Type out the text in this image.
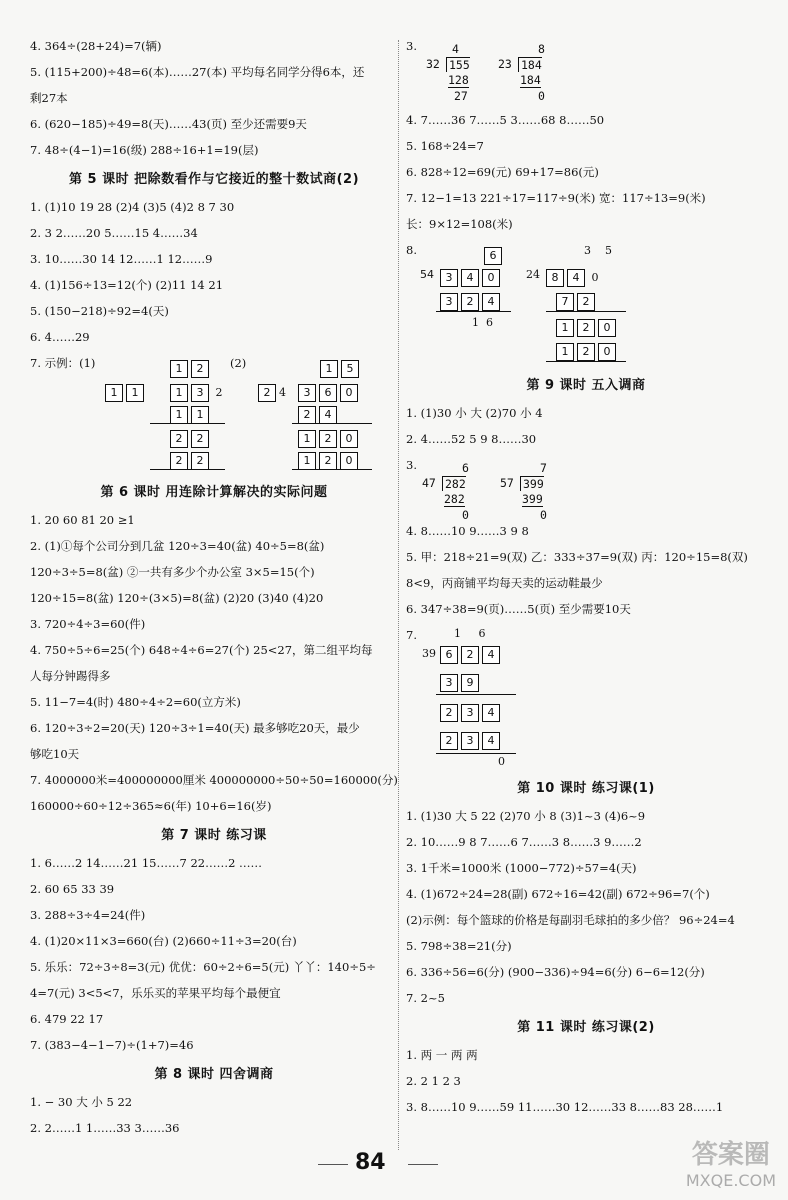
4. 364÷(28+24)=7(辆)
5. (115+200)÷48=6(本)……27(本) 平均每名同学分得6本，还
剩27本
6. (620−185)÷49=8(天)……43(页) 至少还需要9天
7. 48÷(4−1)=16(级) 288÷16+1=19(层)
第 5 课时 把除数看作与它接近的整十数试商(2)
1. (1)10 19 28 (2)4 (3)5 (4)2 8 7 30
2. 3 2……20 5……15 4……34
3. 10……30 14 12……1 12……9
4. (1)156÷13=12(个) (2)11 14 21
5. (150−218)÷92=4(天)
6. 4……29
7. 示例：(1)	(2)
1 2
1 1	1 3 2
1 1
2 2
2 2
1 5
2 4	3 6 0
2 4
1 2 0
1 2 0
第 6 课时 用连除计算解决的实际问题
1. 20 60 81 20 ≥1
2. (1)①每个公司分到几盆 120÷3=40(盆) 40÷5=8(盆)
120÷3÷5=8(盆) ②一共有多少个办公室 3×5=15(个)
120÷15=8(盆) 120÷(3×5)=8(盆) (2)20 (3)40 (4)20
3. 720÷4÷3=60(件)
4. 750÷5÷6=25(个) 648÷4÷6=27(个) 25<27，第二组平均每
人每分钟踢得多
5. 11−7=4(时) 480÷4÷2=60(立方米)
6. 120÷3÷2=20(天) 120÷3÷1=40(天) 最多够吃20天，最少
够吃10天
7. 4000000米=400000000厘米 400000000÷50÷50=160000(分)
160000÷60÷12÷365≈6(年) 10+6=16(岁)
第 7 课时 练习课
1. 6……2 14……21 15……7 22……2 ……
2. 60 65 33 39
3. 288÷3÷4=24(件)
4. (1)20×11×3=660(台) (2)660÷11÷3=20(台)
5. 乐乐：72÷3÷8=3(元) 优优：60÷2÷6=5(元) 丫丫：140÷5÷
4=7(元) 3<5<7，乐乐买的苹果平均每个最便宜
6. 479 22 17
7. (383−4−1−7)÷(1+7)=46
第 8 课时 四舍调商
1. − 30 大 小 5 22
2. 2……1 1……33 3……36
3.	4
32 155
128
27
8
23 184
184
0
4. 7……36 7……5 3……68 8……50
5. 168÷24=7
6. 828÷12=69(元) 69+17=86(元)
7. 12−1=13 221÷17=117÷9(米) 宽：117÷13=9(米)
长：9×12=108(米)
8.	6
54	3 4 0
3 2 4
1  6
3    5
24	8 4 0
7 2
1 2 0
1 2 0
第 9 课时 五入调商
1. (1)30 小 大 (2)70 小 4
2. 4……52 5 9 8……30
3.	6
47 282
282
0
7
57 399
399
0
4. 8……10 9……3 9 8
5. 甲：218÷21=9(双) 乙：333÷37=9(双) 丙：120÷15=8(双)
8<9，丙商铺平均每天卖的运动鞋最少
6. 347÷38=9(页)……5(页) 至少需要10天
7.	1     6
39 6 2 4
3 9
2 3 4
2 3 4
0
第 10 课时 练习课(1)
1. (1)30 大 5 22 (2)70 小 8 (3)1~3 (4)6~9
2. 10……9 8 7……6 7……3 8……3 9……2
3. 1千米=1000米 (1000−772)÷57=4(天)
4. (1)672÷24=28(副) 672÷16=42(副) 672÷96=7(个)
(2)示例：每个篮球的价格是每副羽毛球拍的多少倍？ 96÷24=4
5. 798÷38=21(分)
6. 336÷56=6(分) (900−336)÷94=6(分) 6−6=12(分)
7. 2~5
第 11 课时 练习课(2)
1. 两 一 两 两
2. 2 1 2 3
3. 8……10 9……59 11……30 12……33 8……83 28……1
84	答案圈
MXQE.COM
